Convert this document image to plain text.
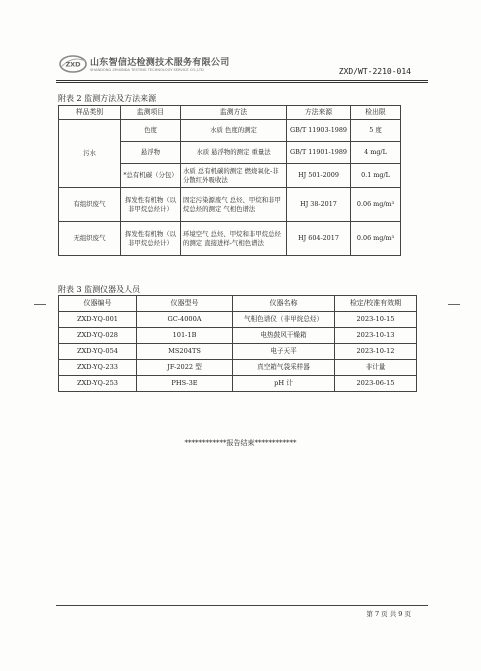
ZXD 山东智信达检测技术服务有限公司
SHANDONG ZHIXINDA TESTING TECHNOLOGY SERVICE CO.,LTD	ZXD/WT-2210-014
附表 2 监测方法及方法来源
样品类别	监测项目	监测方法	方法来源	检出限
污水	色度	水质 色度的测定	GB/T 11903-1989	5 度
	悬浮物	水质 悬浮物的测定 重量法	GB/T 11901-1989	4 mg/L
	*总有机碳（分包）	水质 总有机碳的测定 燃烧氧化-非分散红外吸收法	HJ 501-2009	0.1 mg/L
有组织废气	挥发性有机物（以非甲烷总烃计）	固定污染源废气 总烃、甲烷和非甲烷总烃的测定 气相色谱法	HJ 38-2017	0.06 mg/m³
无组织废气	挥发性有机物（以非甲烷总烃计）	环境空气 总烃、甲烷和非甲烷总烃的测定 直接进样-气相色谱法	HJ 604-2017	0.06 mg/m³
附表 3 监测仪器及人员
仪器编号	仪器型号	仪器名称	检定/校准有效期
ZXD-YQ-001	GC-4000A	气相色谱仪（非甲烷总烃）	2023-10-15
ZXD-YQ-028	101-1B	电热鼓风干燥箱	2023-10-13
ZXD-YQ-054	MS204TS	电子天平	2023-10-12
ZXD-YQ-233	JF-2022 型	真空箱气袋采样器	非计量
ZXD-YQ-253	PHS-3E	pH 计	2023-06-15
************报告结束************
第 7 页 共 9 页
